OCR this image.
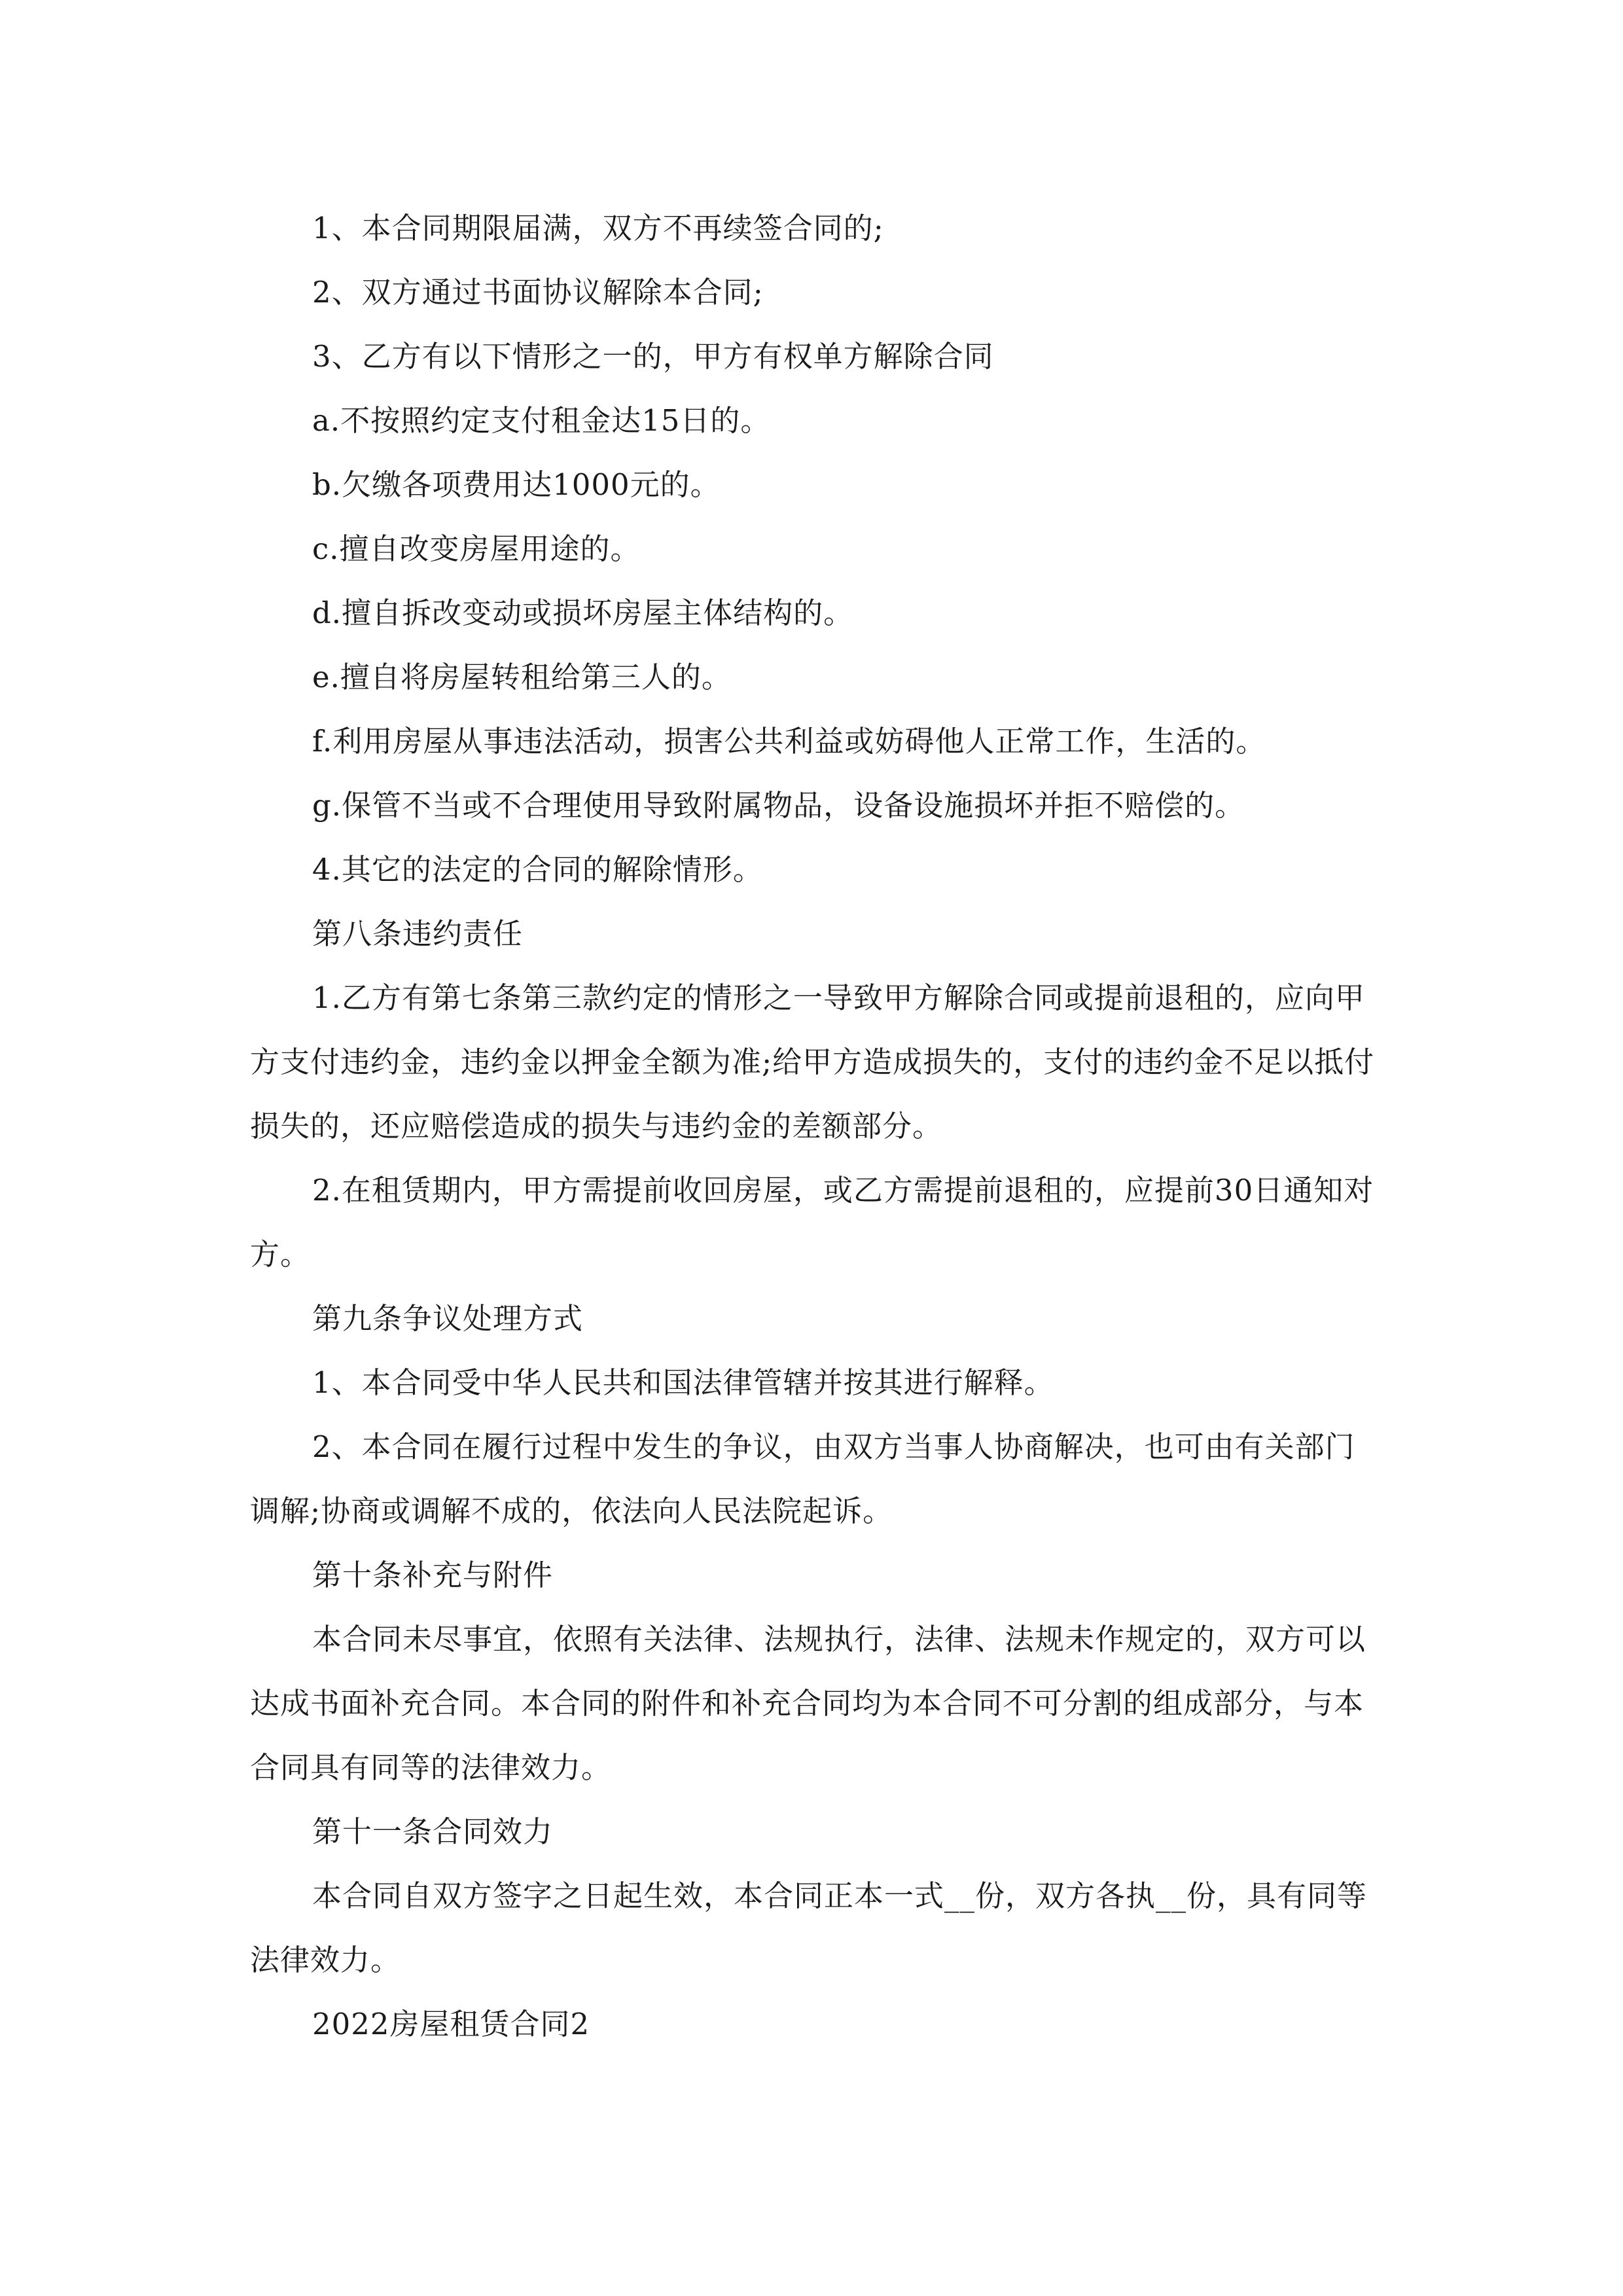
1、本合同期限届满，双方不再续签合同的;

2、双方通过书面协议解除本合同;

3、乙方有以下情形之一的，甲方有权单方解除合同

a.不按照约定支付租金达15日的。

b.欠缴各项费用达1000元的。

c.擅自改变房屋用途的。

d.擅自拆改变动或损坏房屋主体结构的。

e.擅自将房屋转租给第三人的。

f.利用房屋从事违法活动，损害公共利益或妨碍他人正常工作，生活的。

g.保管不当或不合理使用导致附属物品，设备设施损坏并拒不赔偿的。

4.其它的法定的合同的解除情形。

第八条违约责任

1.乙方有第七条第三款约定的情形之一导致甲方解除合同或提前退租的，应向甲方支付违约金，违约金以押金全额为准;给甲方造成损失的，支付的违约金不足以抵付损失的，还应赔偿造成的损失与违约金的差额部分。

2.在租赁期内，甲方需提前收回房屋，或乙方需提前退租的，应提前30日通知对方。

第九条争议处理方式

1、本合同受中华人民共和国法律管辖并按其进行解释。

2、本合同在履行过程中发生的争议，由双方当事人协商解决，也可由有关部门调解;协商或调解不成的，依法向人民法院起诉。

第十条补充与附件

本合同未尽事宜，依照有关法律、法规执行，法律、法规未作规定的，双方可以达成书面补充合同。本合同的附件和补充合同均为本合同不可分割的组成部分，与本合同具有同等的法律效力。

第十一条合同效力

本合同自双方签字之日起生效，本合同正本一式__份，双方各执__份，具有同等法律效力。

2022房屋租赁合同2
